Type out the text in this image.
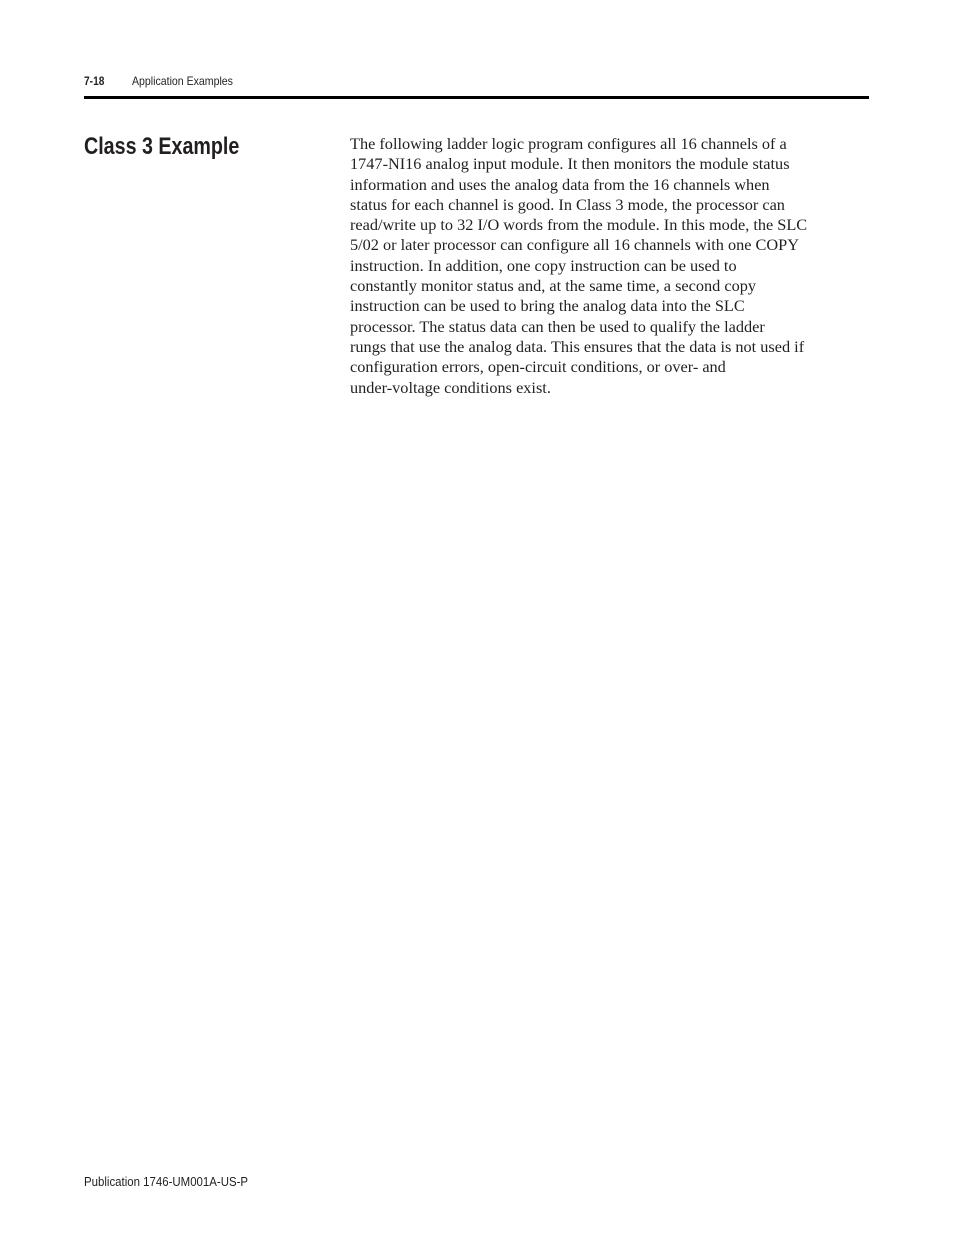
7-18 Application Examples
Class 3 Example	The following ladder logic program configures all 16 channels of a
1747-NI16 analog input module. It then monitors the module status
information and uses the analog data from the 16 channels when
status for each channel is good. In Class 3 mode, the processor can
read/write up to 32 I/O words from the module. In this mode, the SLC
5/02 or later processor can configure all 16 channels with one COPY
instruction. In addition, one copy instruction can be used to
constantly monitor status and, at the same time, a second copy
instruction can be used to bring the analog data into the SLC
processor. The status data can then be used to qualify the ladder
rungs that use the analog data. This ensures that the data is not used if
configuration errors, open-circuit conditions, or over- and
under-voltage conditions exist.

Publication 1746-UM001A-US-P
